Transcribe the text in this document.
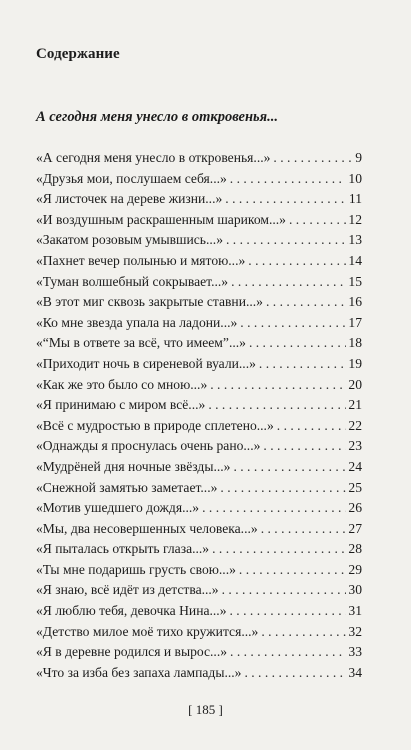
Содержание
А сегодня меня унесло в откровенья...
«А сегодня меня унесло в откровенья...» . . .	9
«Друзья мои, послушаем себя...» . . .	10
«Я листочек на дереве жизни...» . . .	11
«И воздушным раскрашенным шариком...» . . .	12
«Закатом розовым умывшись...» . . .	13
«Пахнет вечер полынью и мятою...» . . .	14
«Туман волшебный сокрывает...» . . .	15
«В этот миг сквозь закрытые ставни...» . . .	16
«Ко мне звезда упала на ладони...» . . .	17
«“Мы в ответе за всё, что имеем”...» . . .	18
«Приходит ночь в сиреневой вуали...» . . .	19
«Как же это было со мною...» . . .	20
«Я принимаю с миром всё...» . . .	21
«Всё с мудростью в природе сплетено...» . . .	22
«Однажды я проснулась очень рано...» . . .	23
«Мудрёней дня ночные звёзды...» . . .	24
«Снежной замятью заметает...» . . .	25
«Мотив ушедшего дождя...» . . .	26
«Мы, два несовершенных человека...» . . .	27
«Я пыталась открыть глаза...» . . .	28
«Ты мне подаришь грусть свою...» . . .	29
«Я знаю, всё идёт из детства...» . . .	30
«Я люблю тебя, девочка Нина...» . . .	31
«Детство милое моё тихо кружится...» . . .	32
«Я в деревне родился и вырос...» . . .	33
«Что за изба без запаха лампады...» . . .	34
[ 185 ]
